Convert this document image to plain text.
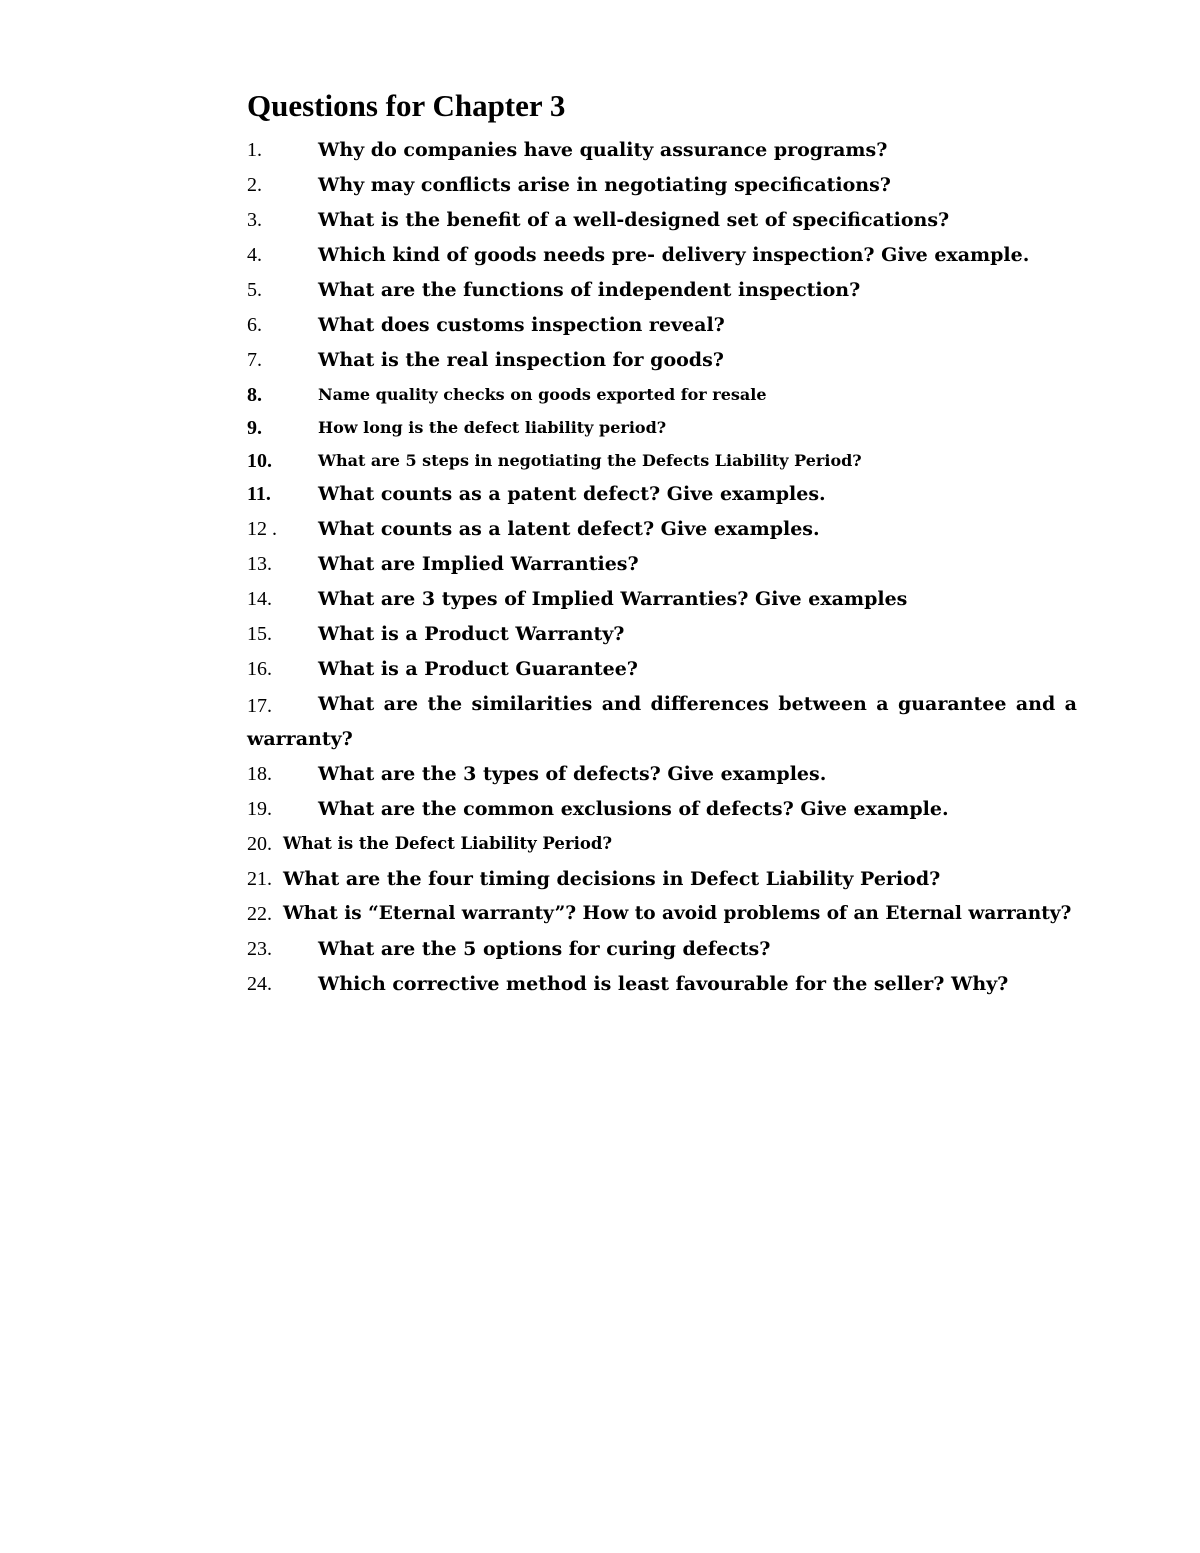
Questions for Chapter 3
1.	Why do companies have quality assurance programs?
2.	Why may conflicts arise in negotiating specifications?
3.	What is the benefit of a well-designed set of specifications?
4.	Which kind of goods needs pre- delivery inspection? Give example.
5.	What are the functions of independent inspection?
6.	What does customs inspection reveal?
7.	What is the real inspection for goods?
8.	Name quality checks on goods exported for resale
9.	How long is the defect liability period?
10.	What are 5 steps in negotiating the Defects Liability Period?
11. What counts as a patent defect? Give examples.
12 . What counts as a latent defect? Give examples.
13. What are Implied Warranties?
14. What are 3 types of Implied Warranties? Give examples
15. What is a Product Warranty?
16. What is a Product Guarantee?
17. What are the similarities and differences between a guarantee and a
warranty?
18. What are the 3 types of defects? Give examples.
19. What are the common exclusions of defects? Give example.
20. What is the Defect Liability Period?
21. What are the four timing decisions in Defect Liability Period?
22. What is “Eternal warranty”? How to avoid problems of an Eternal warranty?
23. What are the 5 options for curing defects?
24. Which corrective method is least favourable for the seller? Why?
